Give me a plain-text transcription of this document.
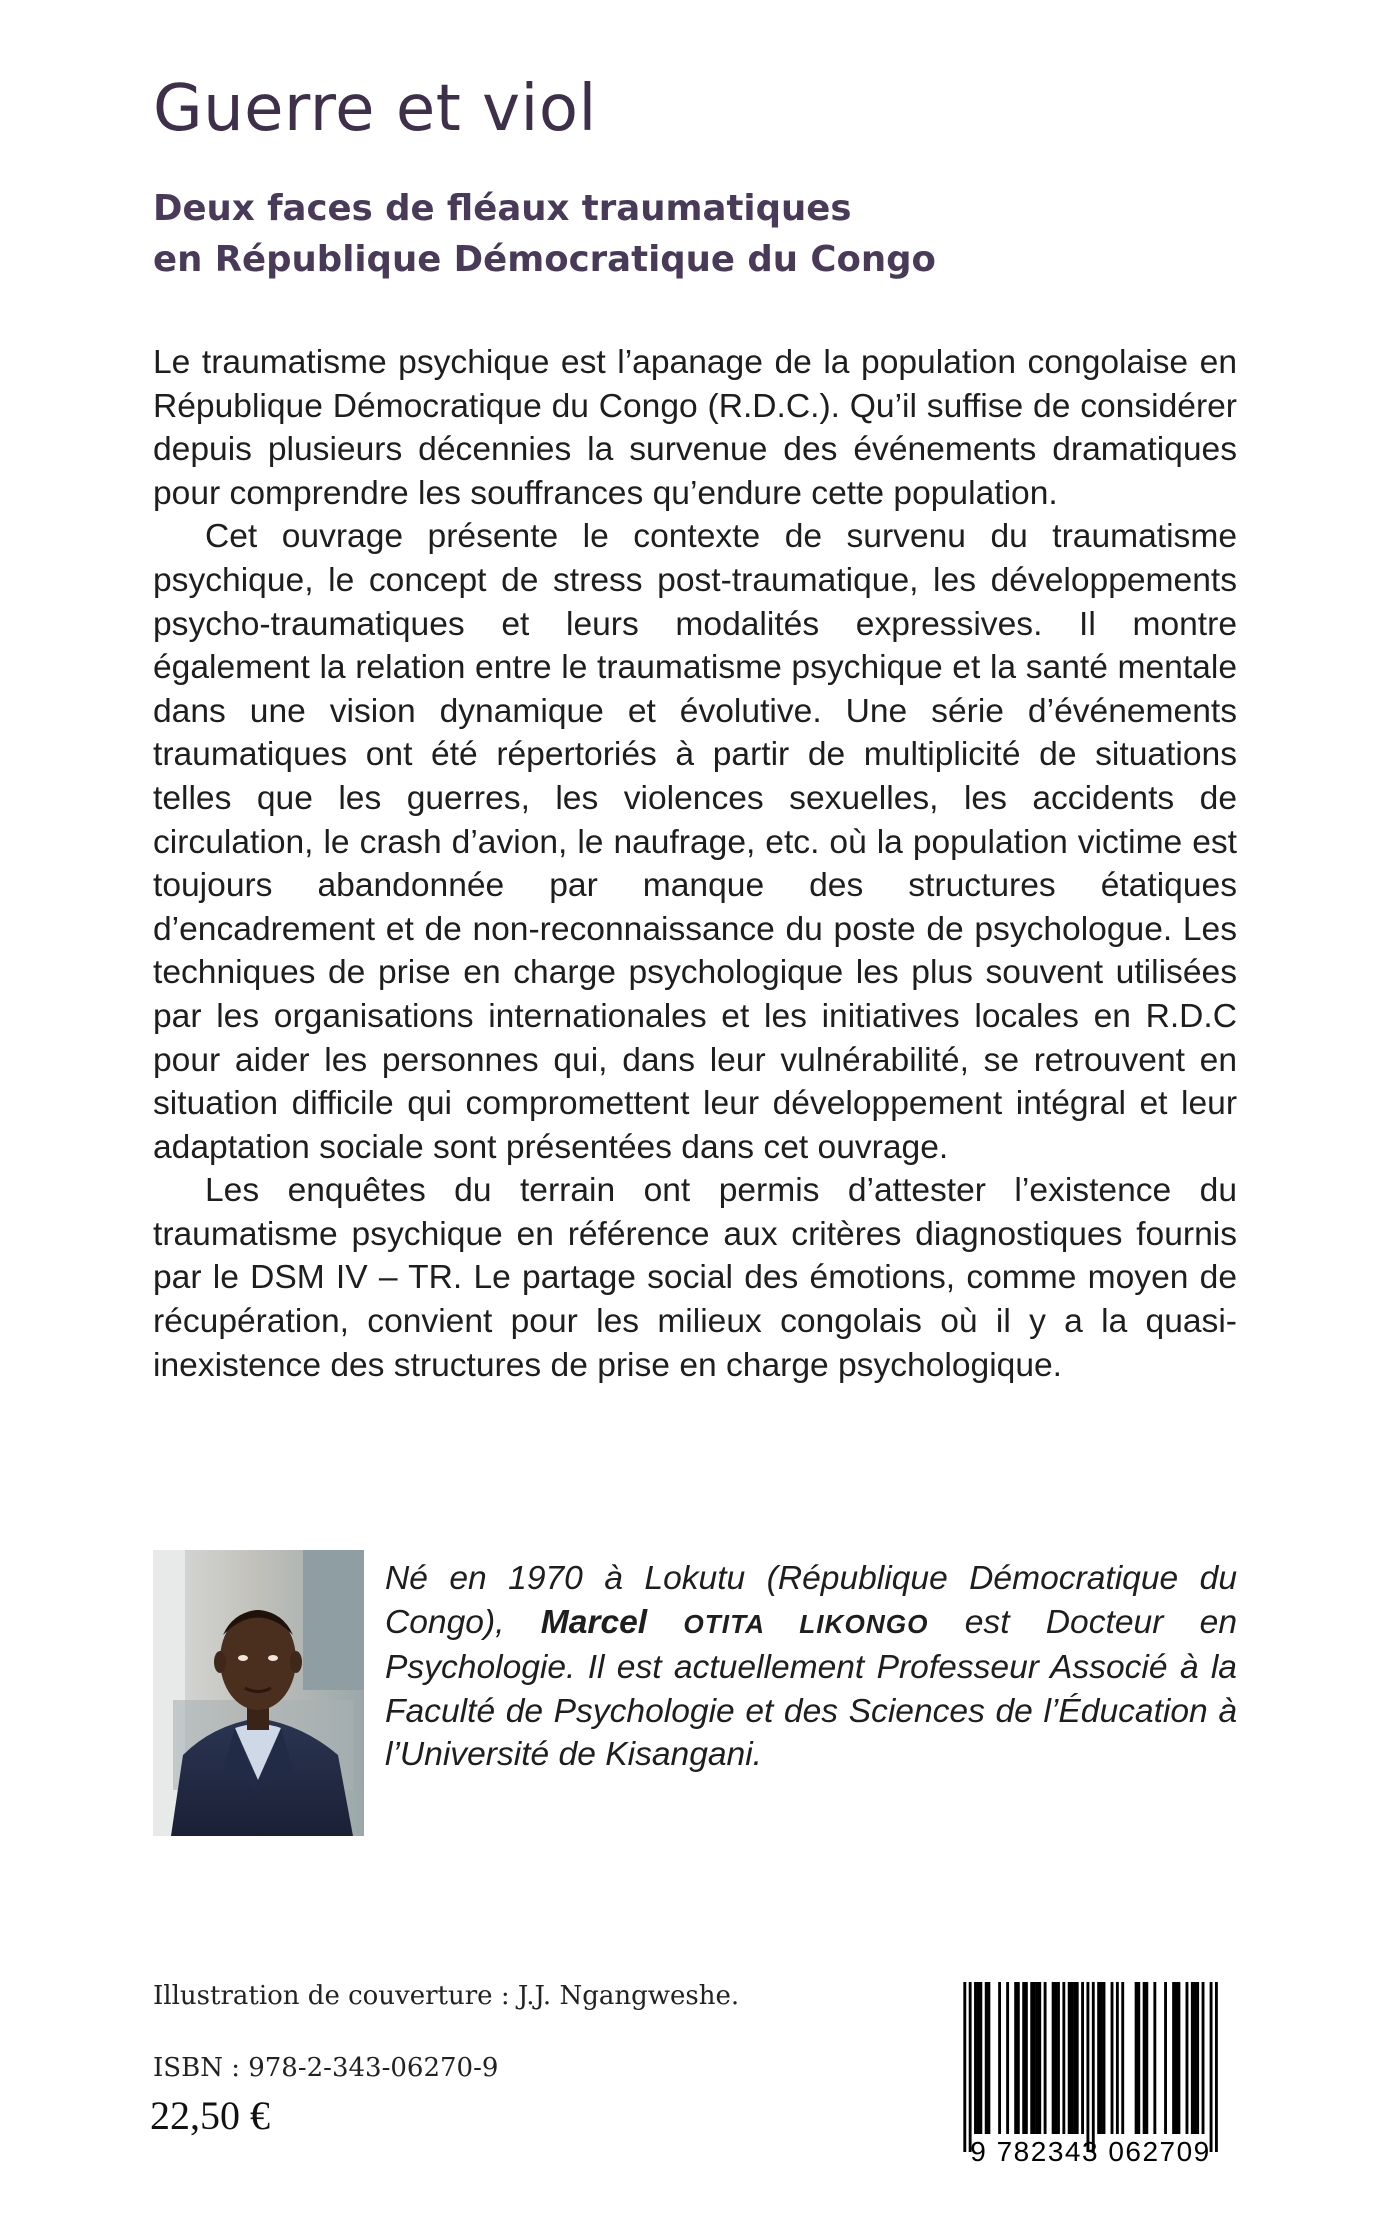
Guerre et viol
Deux faces de fléaux traumatiques
en République Démocratique du Congo

Le traumatisme psychique est l’apanage de la population congolaise en République Démocratique du Congo (R.D.C.). Qu’il suffise de considérer depuis plusieurs décennies la survenue des événements dramatiques pour comprendre les souffrances qu’endure cette population.

Cet ouvrage présente le contexte de survenu du traumatisme psychique, le concept de stress post-traumatique, les développements psycho-traumatiques et leurs modalités expressives. Il montre également la relation entre le traumatisme psychique et la santé mentale dans une vision dynamique et évolutive. Une série d’événements traumatiques ont été répertoriés à partir de multiplicité de situations telles que les guerres, les violences sexuelles, les accidents de circulation, le crash d’avion, le naufrage, etc. où la population victime est toujours abandonnée par manque des structures étatiques d’encadrement et de non-reconnaissance du poste de psychologue. Les techniques de prise en charge psychologique les plus souvent utilisées par les organisations internationales et les initiatives locales en R.D.C pour aider les personnes qui, dans leur vulnérabilité, se retrouvent en situation difficile qui compromettent leur développement intégral et leur adaptation sociale sont présentées dans cet ouvrage.

Les enquêtes du terrain ont permis d’attester l’existence du traumatisme psychique en référence aux critères diagnostiques fournis par le DSM IV – TR. Le partage social des émotions, comme moyen de récupération, convient pour les milieux congolais où il y a la quasi-inexistence des structures de prise en charge psychologique.

Né en 1970 à Lokutu (République Démocratique du Congo), Marcel OTITA LIKONGO est Docteur en Psychologie. Il est actuellement Professeur Associé à la Faculté de Psychologie et des Sciences de l’Éducation à l’Université de Kisangani.

Illustration de couverture : J.J. Ngangweshe.
ISBN : 978-2-343-06270-9
22,50 €
9 782343 062709
